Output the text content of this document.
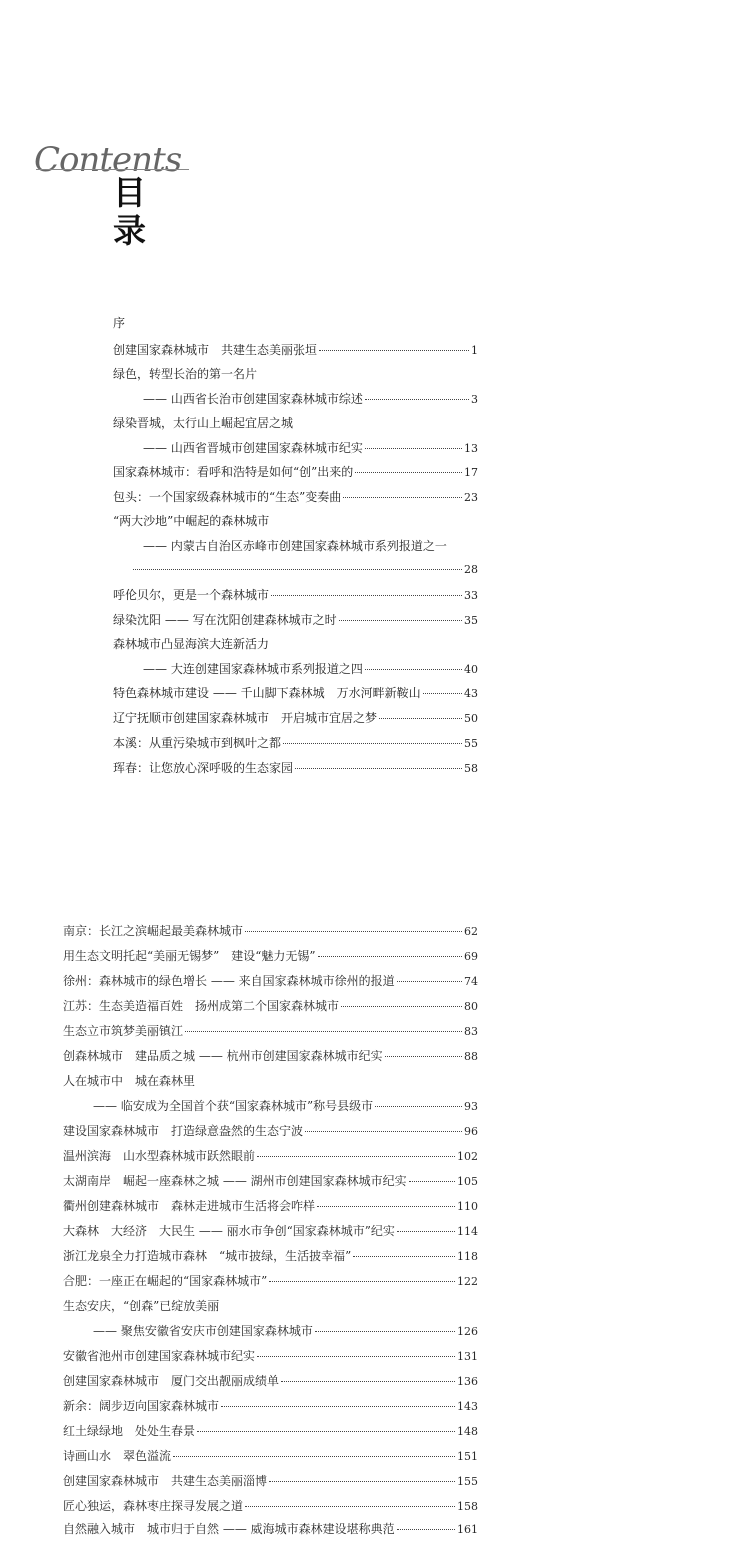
Contents
目录
序
创建国家森林城市　共建生态美丽张垣	1
绿色，转型长治的第一名片
—— 山西省长治市创建国家森林城市综述	3
绿染晋城，太行山上崛起宜居之城
—— 山西省晋城市创建国家森林城市纪实	13
国家森林城市：看呼和浩特是如何“创”出来的	17
包头：一个国家级森林城市的“生态”变奏曲	23
“两大沙地”中崛起的森林城市
—— 内蒙古自治区赤峰市创建国家森林城市系列报道之一
28
呼伦贝尔，更是一个森林城市	33
绿染沈阳 —— 写在沈阳创建森林城市之时	35
森林城市凸显海滨大连新活力
—— 大连创建国家森林城市系列报道之四	40
特色森林城市建设 —— 千山脚下森林城　万水河畔新鞍山	43
辽宁抚顺市创建国家森林城市　开启城市宜居之梦	50
本溪：从重污染城市到枫叶之都	55
珲春：让您放心深呼吸的生态家园	58
南京：长江之滨崛起最美森林城市	62
用生态文明托起“美丽无锡梦”　建设“魅力无锡”	69
徐州：森林城市的绿色增长 —— 来自国家森林城市徐州的报道	74
江苏：生态美造福百姓　扬州成第二个国家森林城市	80
生态立市筑梦美丽镇江	83
创森林城市　建品质之城 —— 杭州市创建国家森林城市纪实	88
人在城市中　城在森林里
—— 临安成为全国首个获“国家森林城市”称号县级市	93
建设国家森林城市　打造绿意盎然的生态宁波	96
温州滨海　山水型森林城市跃然眼前	102
太湖南岸　崛起一座森林之城 —— 湖州市创建国家森林城市纪实	105
衢州创建森林城市　森林走进城市生活将会咋样	110
大森林　大经济　大民生 —— 丽水市争创“国家森林城市”纪实	114
浙江龙泉全力打造城市森林　“城市披绿，生活披幸福”	118
合肥：一座正在崛起的“国家森林城市”	122
生态安庆，“创森”已绽放美丽
—— 聚焦安徽省安庆市创建国家森林城市	126
安徽省池州市创建国家森林城市纪实	131
创建国家森林城市　厦门交出靓丽成绩单	136
新余：阔步迈向国家森林城市	143
红土绿绿地　处处生春景	148
诗画山水　翠色溢流	151
创建国家森林城市　共建生态美丽淄博	155
匠心独运，森林枣庄探寻发展之道	158
自然融入城市　城市归于自然 —— 威海城市森林建设堪称典范	161
